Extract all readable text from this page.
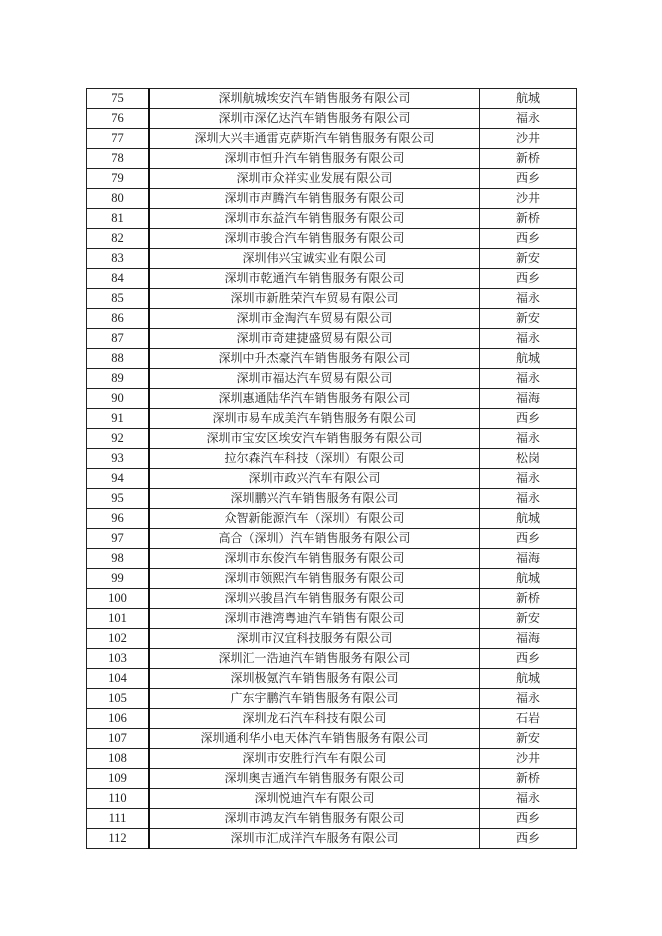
75	深圳航城埃安汽车销售服务有限公司	航城
76	深圳市深亿达汽车销售服务有限公司	福永
77	深圳大兴丰通雷克萨斯汽车销售服务有限公司	沙井
78	深圳市恒升汽车销售服务有限公司	新桥
79	深圳市众祥实业发展有限公司	西乡
80	深圳市声腾汽车销售服务有限公司	沙井
81	深圳市东益汽车销售服务有限公司	新桥
82	深圳市骏合汽车销售服务有限公司	西乡
83	深圳伟兴宝诚实业有限公司	新安
84	深圳市乾通汽车销售服务有限公司	西乡
85	深圳市新胜荣汽车贸易有限公司	福永
86	深圳市金淘汽车贸易有限公司	新安
87	深圳市奇建捷盛贸易有限公司	福永
88	深圳中升杰豪汽车销售服务有限公司	航城
89	深圳市福达汽车贸易有限公司	福永
90	深圳惠通陆华汽车销售服务有限公司	福海
91	深圳市易车成美汽车销售服务有限公司	西乡
92	深圳市宝安区埃安汽车销售服务有限公司	福永
93	拉尔森汽车科技（深圳）有限公司	松岗
94	深圳市政兴汽车有限公司	福永
95	深圳鹏兴汽车销售服务有限公司	福永
96	众智新能源汽车（深圳）有限公司	航城
97	高合（深圳）汽车销售服务有限公司	西乡
98	深圳市东俊汽车销售服务有限公司	福海
99	深圳市领熙汽车销售服务有限公司	航城
100	深圳兴骏昌汽车销售服务有限公司	新桥
101	深圳市港湾粤迪汽车销售有限公司	新安
102	深圳市汉宜科技服务有限公司	福海
103	深圳汇一浩迪汽车销售服务有限公司	西乡
104	深圳极氪汽车销售服务有限公司	航城
105	广东宇鹏汽车销售服务有限公司	福永
106	深圳龙石汽车科技有限公司	石岩
107	深圳通利华小电天体汽车销售服务有限公司	新安
108	深圳市安胜行汽车有限公司	沙井
109	深圳奥吉通汽车销售服务有限公司	新桥
110	深圳悦迪汽车有限公司	福永
111	深圳市鸿友汽车销售服务有限公司	西乡
112	深圳市汇成洋汽车服务有限公司	西乡
